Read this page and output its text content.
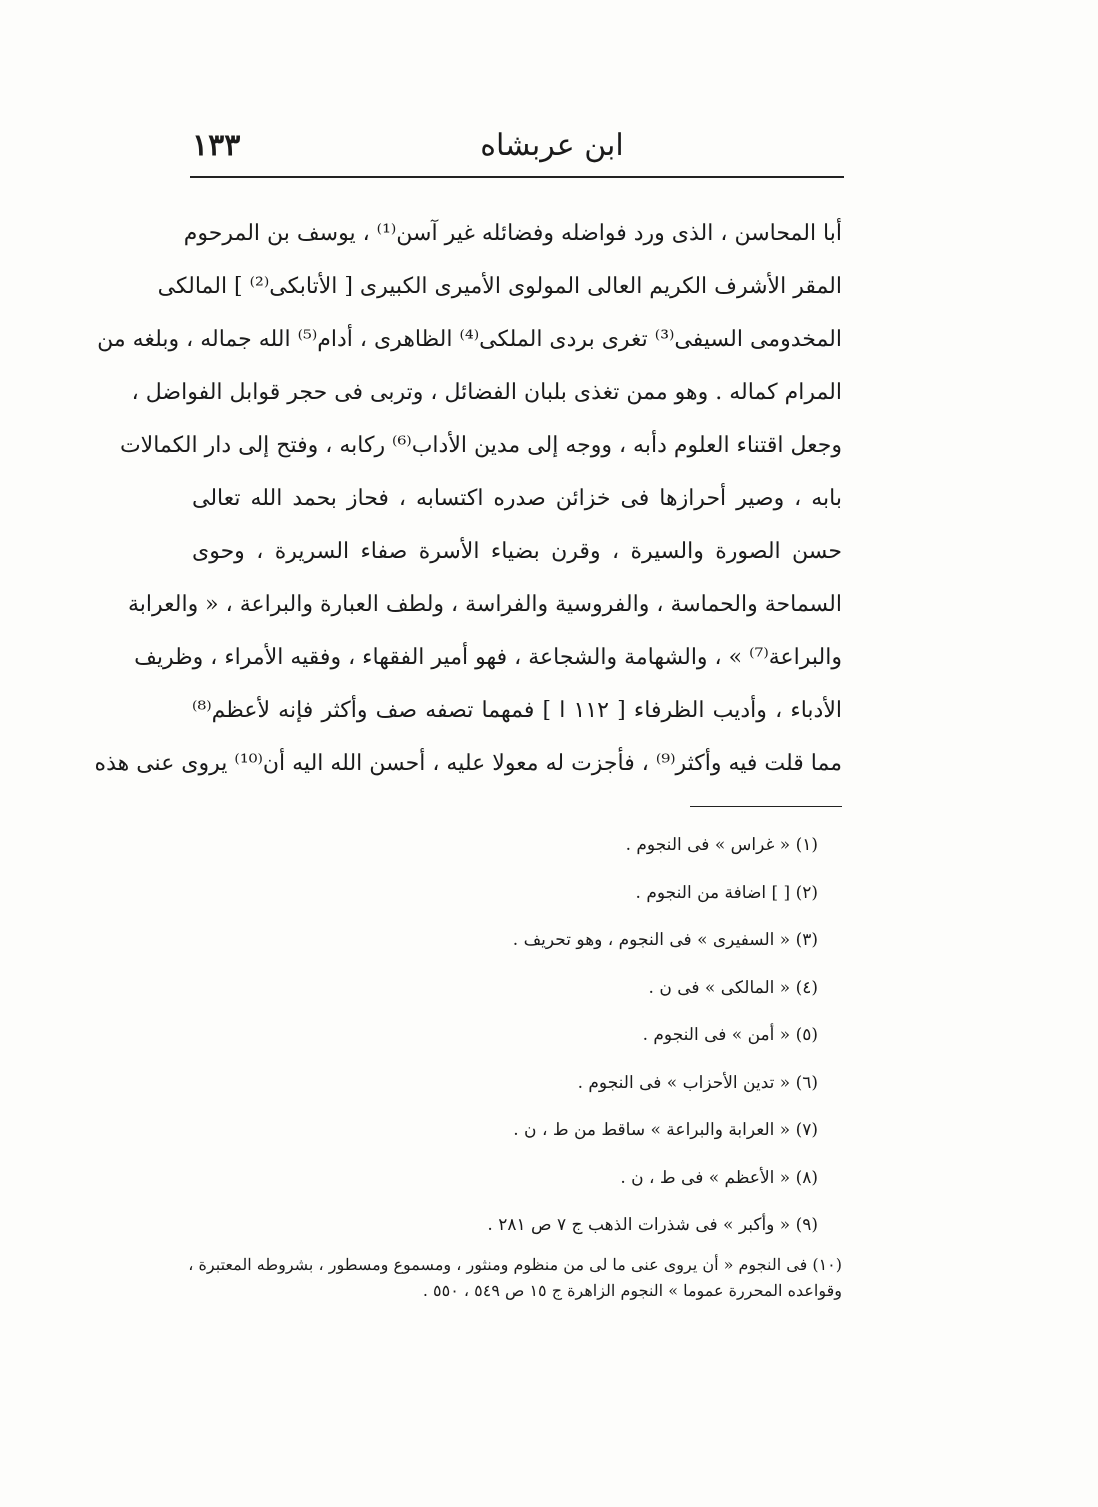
١٣٣	ابن عربشاه
أبا المحاسن ، الذى ورد فواضله وفضائله غير آسن⁽¹⁾ ، يوسف بن المرحوم
المقر الأشرف الكريم العالى المولوى الأميرى الكبيرى [ الأتابكى⁽²⁾ ] المالكى
المخدومى السيفى⁽³⁾ تغرى بردى الملكى⁽⁴⁾ الظاهرى ، أدام⁽⁵⁾ الله جماله ، وبلغه من
المرام كماله . وهو ممن تغذى بلبان الفضائل ، وتربى فى حجر قوابل الفواضل ،
وجعل اقتناء العلوم دأبه ، ووجه إلى مدين الأداب⁽⁶⁾ ركابه ، وفتح إلى دار الكمالات
بابه ، وصير أحرازها فى خزائن صدره اكتسابه ، فحاز بحمد الله تعالى
حسن الصورة والسيرة ، وقرن بضياء الأسرة صفاء السريرة ، وحوى
السماحة والحماسة ، والفروسية والفراسة ، ولطف العبارة والبراعة ، « والعرابة
والبراعة⁽⁷⁾ » ، والشهامة والشجاعة ، فهو أمير الفقهاء ، وفقيه الأمراء ، وظريف
الأدباء ، وأديب الظرفاء [ ١١٢ ا ] فمهما تصفه صف وأكثر فإنه لأعظم⁽⁸⁾
مما قلت فيه وأكثر⁽⁹⁾ ، فأجزت له معولا عليه ، أحسن الله اليه أن⁽¹⁰⁾ يروى عنى هذه
(١) « غراس » فى النجوم .
(٢) [ ] اضافة من النجوم .
(٣) « السفيرى » فى النجوم ، وهو تحريف .
(٤) « المالكى » فى ن .
(٥) « أمن » فى النجوم .
(٦) « تدين الأحزاب » فى النجوم .
(٧) « العرابة والبراعة » ساقط من ط ، ن .
(٨) « الأعظم » فى ط ، ن .
(٩) « وأكبر » فى شذرات الذهب ج ٧ ص ٢٨١ .
(١٠) فى النجوم « أن يروى عنى ما لى من منظوم ومنثور ، ومسموع ومسطور ، بشروطه المعتبرة ،
وقواعده المحررة عموما » النجوم الزاهرة ج ١٥ ص ٥٤٩ ، ٥٥٠ .
